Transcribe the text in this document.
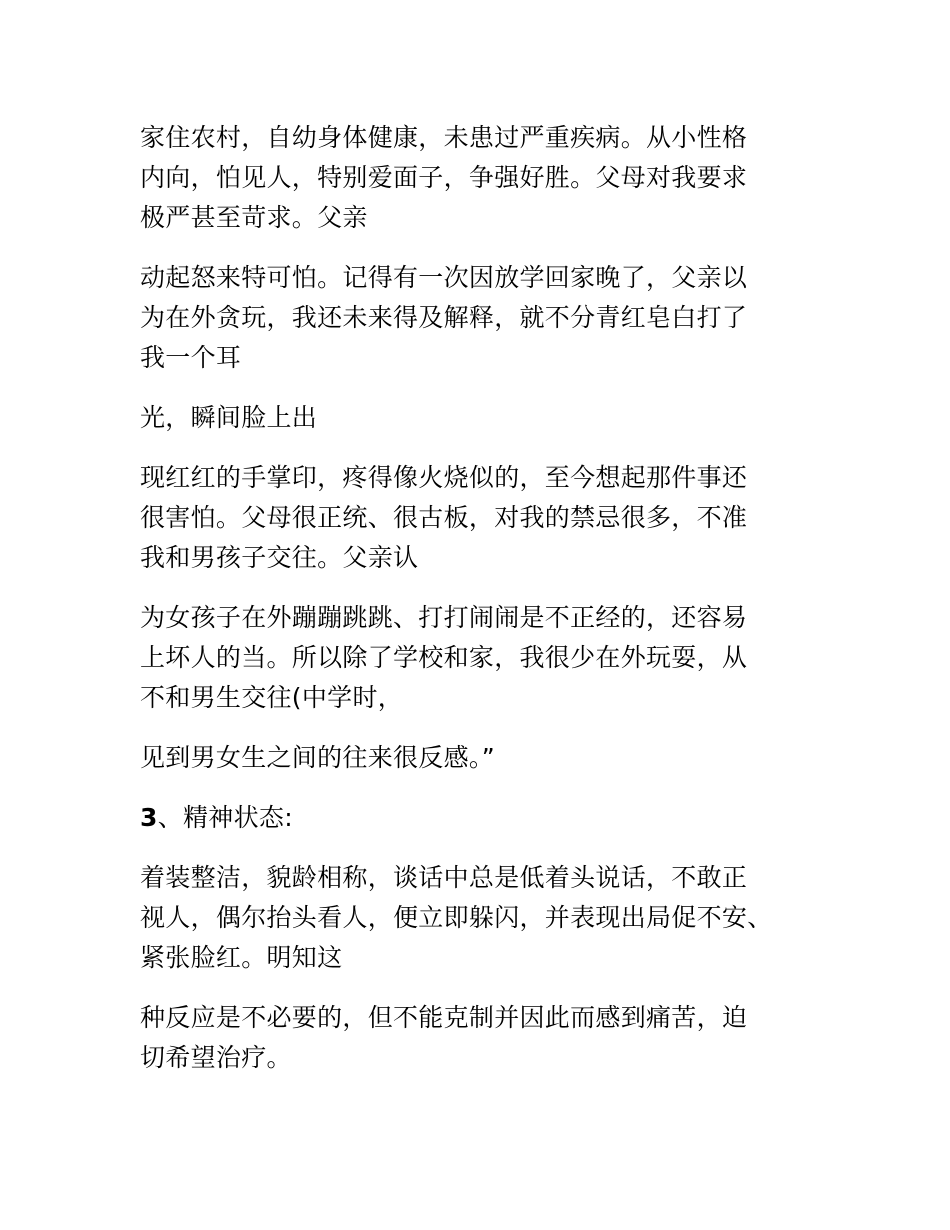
家住农村，自幼身体健康，未患过严重疾病。从小性格
内向，怕见人，特别爱面子，争强好胜。父母对我要求
极严甚至苛求。父亲

动起怒来特可怕。记得有一次因放学回家晚了，父亲以
为在外贪玩，我还未来得及解释，就不分青红皂白打了
我一个耳

光，瞬间脸上出

现红红的手掌印，疼得像火烧似的，至今想起那件事还
很害怕。父母很正统、很古板，对我的禁忌很多，不准
我和男孩子交往。父亲认

为女孩子在外蹦蹦跳跳、打打闹闹是不正经的，还容易
上坏人的当。所以除了学校和家，我很少在外玩耍，从
不和男生交往(中学时，

见到男女生之间的往来很反感。”

3、精神状态:

着装整洁，貌龄相称，谈话中总是低着头说话，不敢正
视人，偶尔抬头看人，便立即躲闪，并表现出局促不安、
紧张脸红。明知这

种反应是不必要的，但不能克制并因此而感到痛苦，迫
切希望治疗。
